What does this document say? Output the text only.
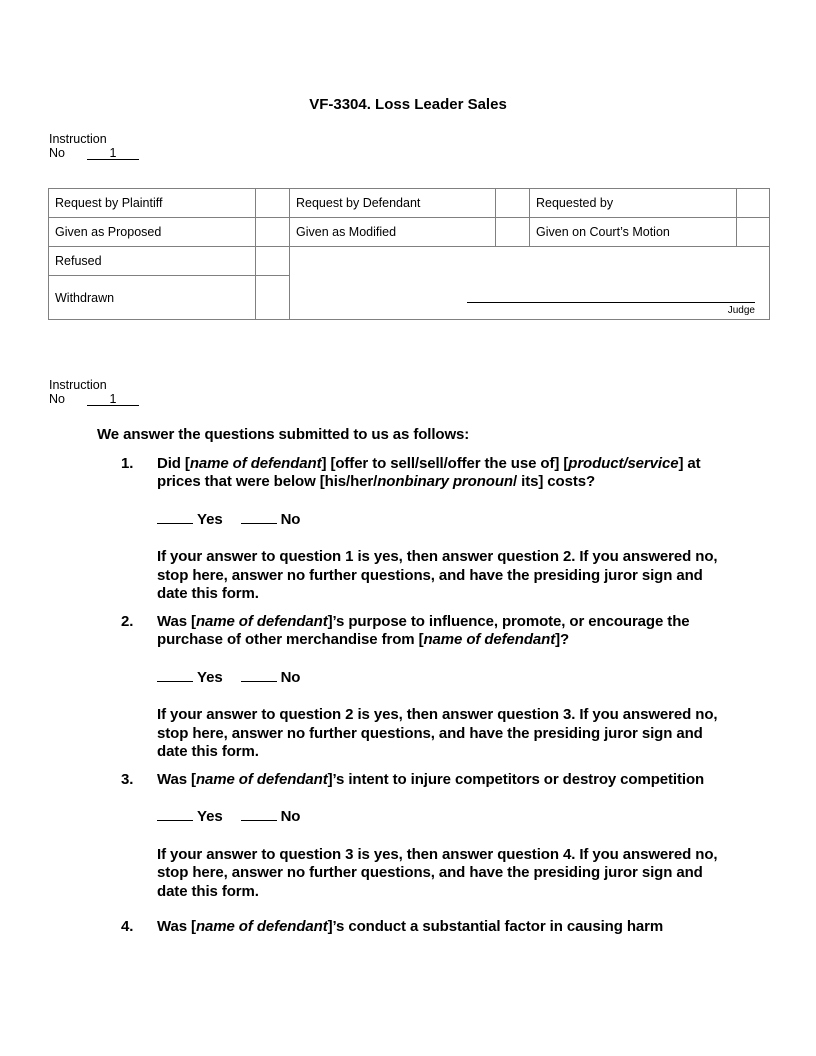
VF-3304. Loss Leader Sales
Instruction
No	1
Request by Plaintiff		Request by Defendant		Requested by	
Given as Proposed		Given as Modified		Given on Court’s Motion	
Refused		Judge			

Withdrawn					
Instruction
No	1
We answer the questions submitted to us as follows:
1.	Did [name of defendant] [offer to sell/sell/offer the use of] [product/service] at prices that were below [his/her/nonbinary pronoun/ its] costs?
Yes	No
If your answer to question 1 is yes, then answer question 2. If you answered no, stop here, answer no further questions, and have the presiding juror sign and date this form.
2.	Was [name of defendant]’s purpose to influence, promote, or encourage the purchase of other merchandise from [name of defendant]?
Yes	No
If your answer to question 2 is yes, then answer question 3. If you answered no, stop here, answer no further questions, and have the presiding juror sign and date this form.
3.	Was [name of defendant]’s intent to injure competitors or destroy competition
Yes	No
If your answer to question 3 is yes, then answer question 4. If you answered no, stop here, answer no further questions, and have the presiding juror sign and date this form.
4.	Was [name of defendant]’s conduct a substantial factor in causing harm
